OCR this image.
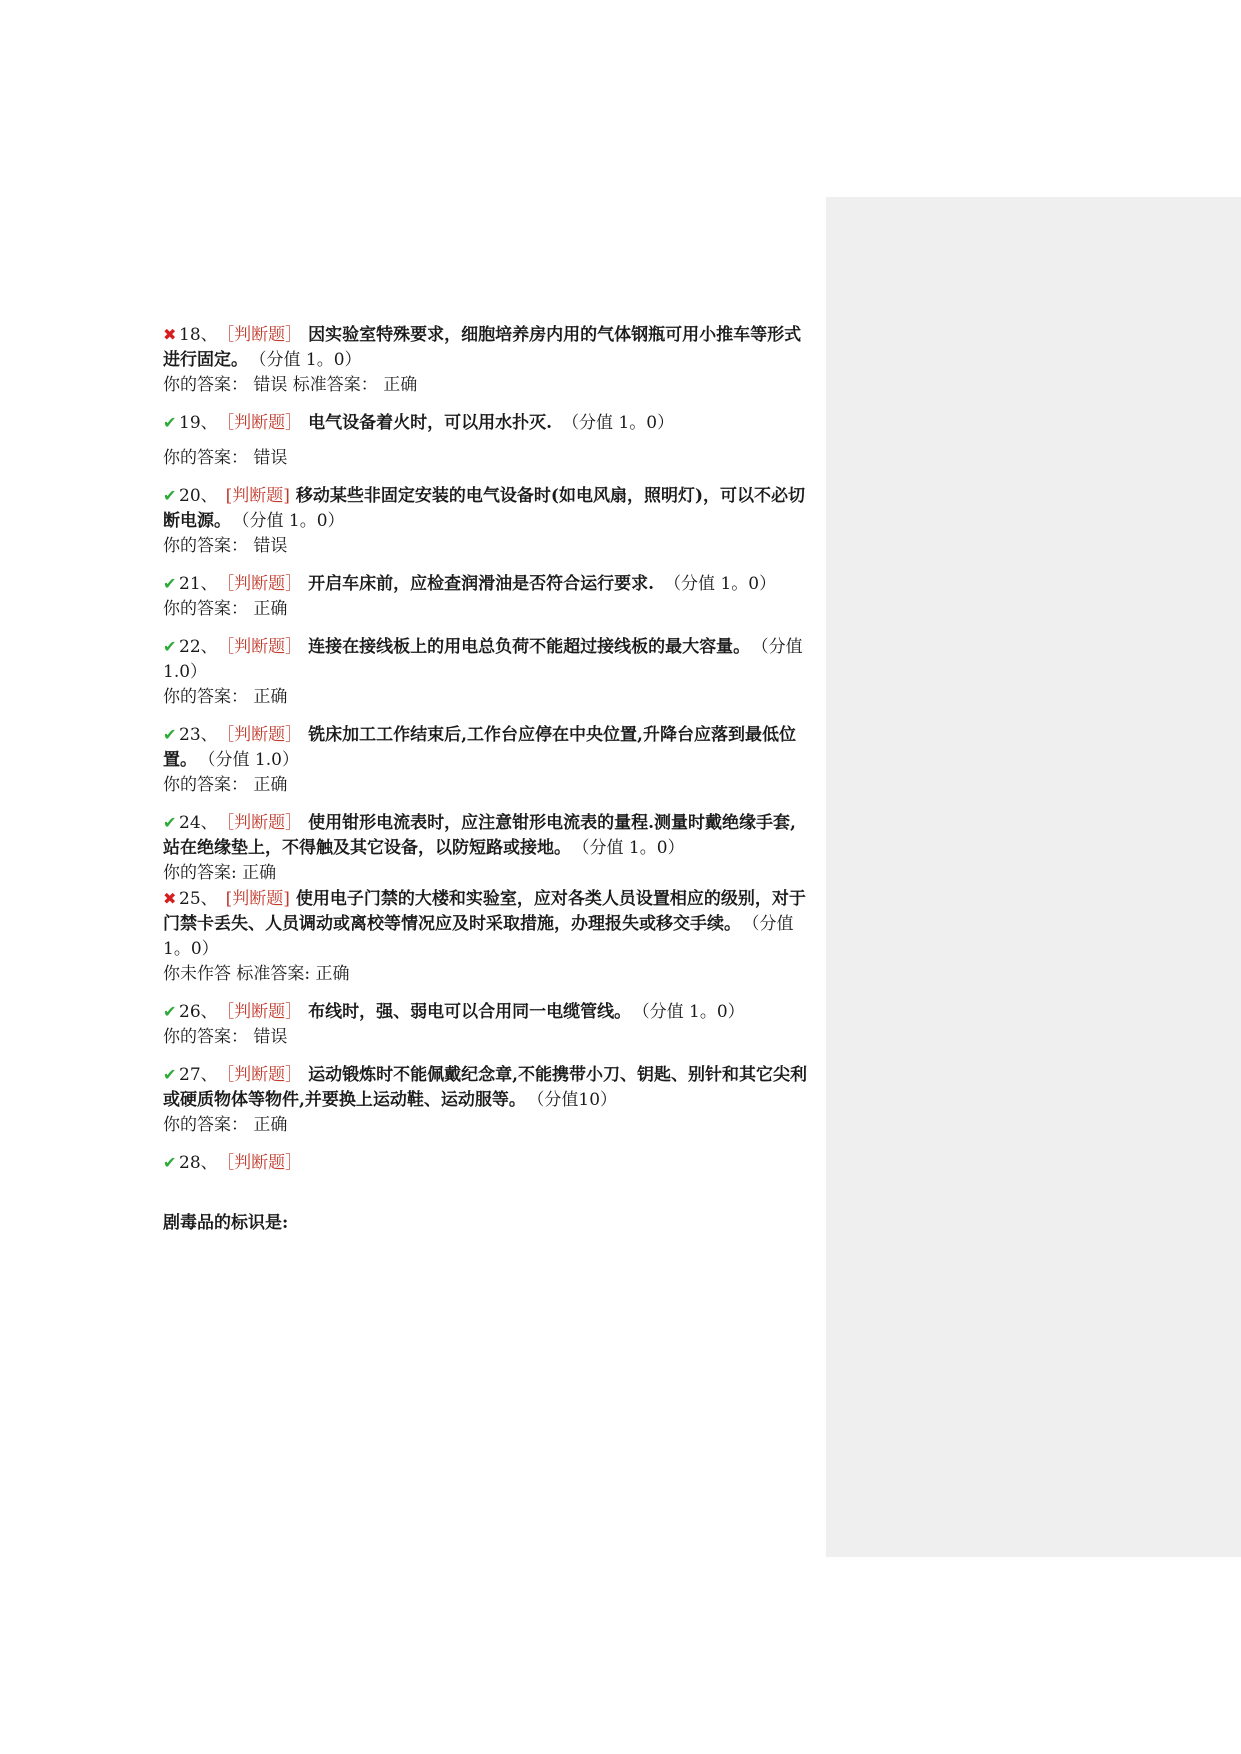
✖ 18、 ［判断题］ 因实验室特殊要求，细胞培养房内用的气体钢瓶可用小推车等形式进行固定。 （分值 1。0）
你的答案： 错误 标准答案： 正确
✔ 19、 ［判断题］ 电气设备着火时，可以用水扑灭. （分值 1。0）
你的答案： 错误
✔ 20、 [判断题] 移动某些非固定安装的电气设备时(如电风扇，照明灯)，可以不必切断电源。 （分值 1。0）
你的答案： 错误
✔ 21、 ［判断题］ 开启车床前，应检查润滑油是否符合运行要求. （分值 1。0）
你的答案： 正确
✔ 22、 ［判断题］ 连接在接线板上的用电总负荷不能超过接线板的最大容量。 （分值 1.0）
你的答案： 正确
✔ 23、 ［判断题］ 铣床加工工作结束后,工作台应停在中央位置,升降台应落到最低位置。 （分值 1.0）
你的答案： 正确
✔ 24、 ［判断题］ 使用钳形电流表时，应注意钳形电流表的量程.测量时戴绝缘手套,站在绝缘垫上，不得触及其它设备，以防短路或接地。 （分值 1。0）
你的答案: 正确
✖ 25、 [判断题] 使用电子门禁的大楼和实验室，应对各类人员设置相应的级别，对于门禁卡丢失、人员调动或离校等情况应及时采取措施，办理报失或移交手续。 （分值 1。0）
你未作答 标准答案: 正确
✔ 26、 ［判断题］ 布线时，强、弱电可以合用同一电缆管线。 （分值 1。0）
你的答案： 错误
✔ 27、 ［判断题］ 运动锻炼时不能佩戴纪念章,不能携带小刀、钥匙、别针和其它尖利或硬质物体等物件,并要换上运动鞋、运动服等。 （分值10）
你的答案： 正确
✔ 28、 ［判断题］
剧毒品的标识是:
